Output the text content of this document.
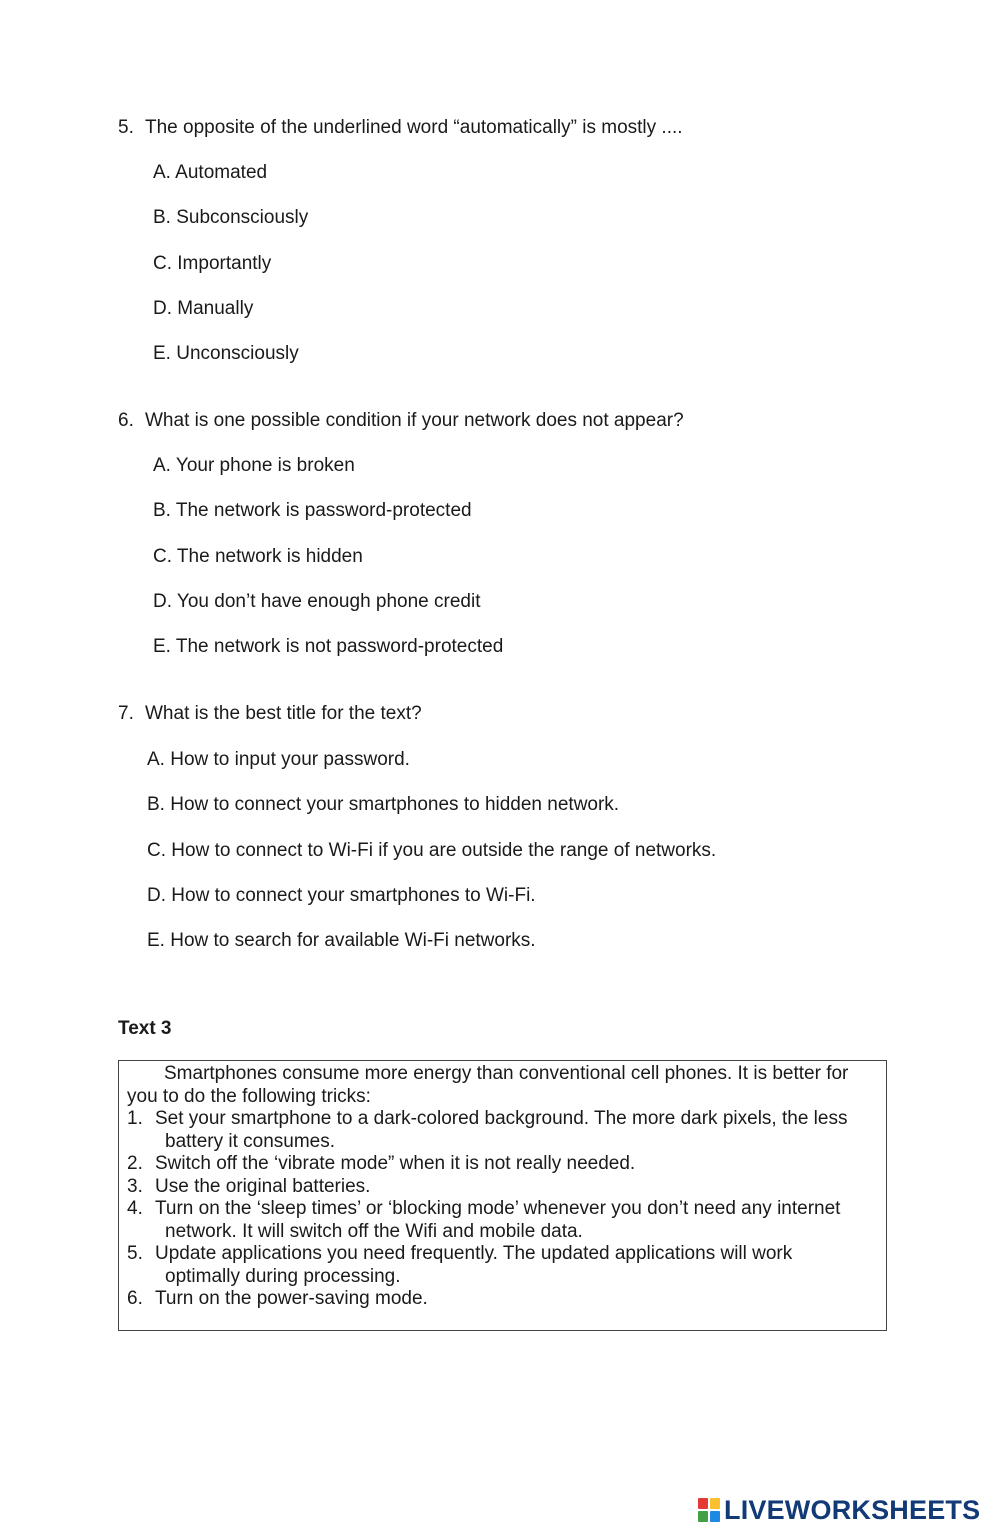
5. The opposite of the underlined word “automatically” is mostly ....
A. Automated
B. Subconsciously
C. Importantly
D. Manually
E. Unconsciously
6. What is one possible condition if your network does not appear?
A. Your phone is broken
B. The network is password-protected
C. The network is hidden
D. You don’t have enough phone credit
E. The network is not password-protected
7. What is the best title for the text?
A. How to input your password.
B. How to connect your smartphones to hidden network.
C. How to connect to Wi-Fi if you are outside the range of networks.
D. How to connect your smartphones to Wi-Fi.
E. How to search for available Wi-Fi networks.
Text 3
Smartphones consume more energy than conventional cell phones. It is better for
you to do the following tricks:
1. Set your smartphone to a dark-colored background. The more dark pixels, the less
battery it consumes.
2. Switch off the ‘vibrate mode” when it is not really needed.
3. Use the original batteries.
4. Turn on the ‘sleep times’ or ‘blocking mode’ whenever you don’t need any internet
network. It will switch off the Wifi and mobile data.
5. Update applications you need frequently. The updated applications will work
optimally during processing.
6. Turn on the power-saving mode.
LIVEWORKSHEETS
